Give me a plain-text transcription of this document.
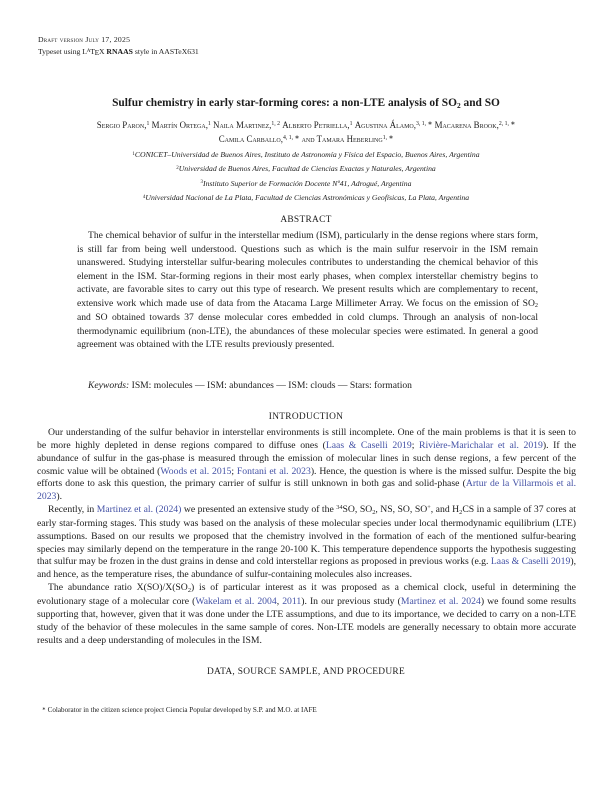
Draft version July 17, 2025
Typeset using LATEX RNAAS style in AASTeX631
Sulfur chemistry in early star-forming cores: a non-LTE analysis of SO2 and SO
Sergio Paron,$^1$ Martín Ortega,$^1$ Naila Martinez,$^{1, 2}$ Alberto Petriella,$^1$ Agustina Álamo,$^{3, 1, ∗}$ Macarena Brook,$^{2, 1, ∗}$
Camila Carballo,$^{4, 1, ∗}$ and Tamara Heberling$^{1, ∗}$
$^1$CONICET–Universidad de Buenos Aires, Instituto de Astronomía y Física del Espacio, Buenos Aires, Argentina
$^2$Universidad de Buenos Aires, Facultad de Ciencias Exactas y Naturales, Argentina
$^3$Instituto Superior de Formación Docente Nº41, Adrogué, Argentina
$^4$Universidad Nacional de La Plata, Facultad de Ciencias Astronómicas y Geofísicas, La Plata, Argentina
ABSTRACT
The chemical behavior of sulfur in the interstellar medium (ISM), particularly in the dense regions where stars form, is still far from being well understood. Questions such as which is the main sulfur reservoir in the ISM remain unanswered. Studying interstellar sulfur-bearing molecules contributes to understanding the chemical behavior of this element in the ISM. Star-forming regions in their most early phases, when complex interstellar chemistry begins to activate, are favorable sites to carry out this type of research. We present results which are complementary to recent, extensive work which made use of data from the Atacama Large Millimeter Array. We focus on the emission of SO2 and SO obtained towards 37 dense molecular cores embedded in cold clumps. Through an analysis of non-local thermodynamic equilibrium (non-LTE), the abundances of these molecular species were estimated. In general a good agreement was obtained with the LTE results previously presented.
Keywords: ISM: molecules — ISM: abundances — ISM: clouds — Stars: formation
INTRODUCTION

Our understanding of the sulfur behavior in interstellar environments is still incomplete. One of the main problems is that it is seen to be more highly depleted in dense regions compared to diffuse ones (Laas & Caselli 2019; Rivière-Marichalar et al. 2019). If the abundance of sulfur in the gas-phase is measured through the emission of molecular lines in such dense regions, a few percent of the cosmic value will be obtained (Woods et al. 2015; Fontani et al. 2023). Hence, the question is where is the missed sulfur. Despite the big efforts done to ask this question, the primary carrier of sulfur is still unknown in both gas and solid-phase (Artur de la Villarmois et al. 2023).

Recently, in Martinez et al. (2024) we presented an extensive study of the $^{34}$SO, SO2, NS, SO, SO+, and H2CS in a sample of 37 cores at early star-forming stages. This study was based on the analysis of these molecular species under local thermodynamic equilibrium (LTE) assumptions. Based on our results we proposed that the chemistry involved in the formation of each of the mentioned sulfur-bearing species may similarly depend on the temperature in the range 20-100 K. This temperature dependence supports the hypothesis suggesting that sulfur may be frozen in the dust grains in dense and cold interstellar regions as proposed in previous works (e.g. Laas & Caselli 2019), and hence, as the temperature rises, the abundance of sulfur-containing molecules also increases.

The abundance ratio X(SO)/X(SO2) is of particular interest as it was proposed as a chemical clock, useful in determining the evolutionary stage of a molecular core (Wakelam et al. 2004, 2011). In our previous study (Martinez et al. 2024) we found some results supporting that, however, given that it was done under the LTE assumptions, and due to its importance, we decided to carry on a non-LTE study of the behavior of these molecules in the same sample of cores. Non-LTE models are generally necessary to obtain more accurate results and a deep understanding of molecules in the ISM.

DATA, SOURCE SAMPLE, AND PROCEDURE
∗ Colaborator in the citizen science project Ciencia Popular developed by S.P. and M.O. at IAFE
